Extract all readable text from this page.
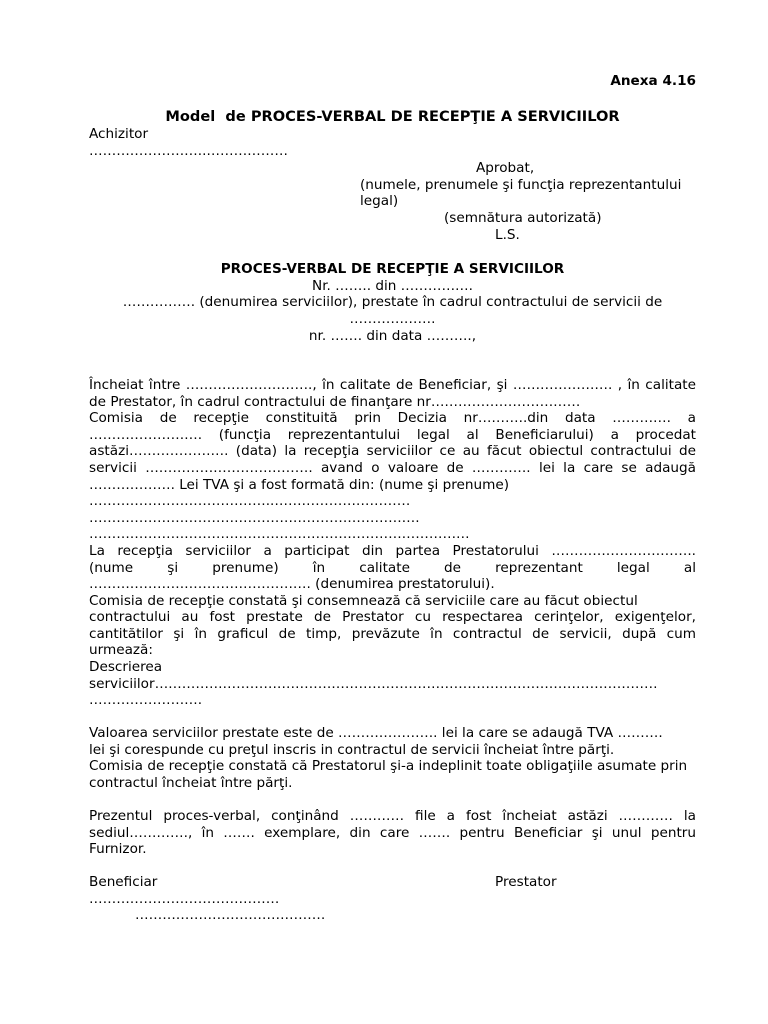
Anexa 4.16
Model de PROCES-VERBAL DE RECEPŢIE A SERVICIILOR
Achizitor
……………………..………………
Aprobat,
(numele, prenumele şi funcţia reprezentantului
legal)
(semnătura autorizată)
L.S.
PROCES-VERBAL DE RECEPŢIE A SERVICIILOR
Nr. …….. din …………….
……………. (denumirea serviciilor), prestate în cadrul contractului de servicii de
……………….
nr. ……. din data ……….,
Încheiat între ………………………., în calitate de Beneficiar, şi …………………. , în calitate
de Prestator, în cadrul contractului de finanţare nr……………………………
Comisia de recepţie constituită prin Decizia nr………..din data …………. a
……………………. (funcţia reprezentantului legal al Beneficiarului) a procedat
astăzi…………………. (data) la recepţia serviciilor ce au făcut obiectul contractului de
servicii ………………………………. avand o valoare de …………. lei la care se adaugă
………………. Lei TVA şi a fost formată din: (nume şi prenume)
…………………………………..…………………………
……………………………………………………………….
…………………………………………………………………………
La recepţia serviciilor a participat din partea Prestatorului …………………………..
(nume şi prenume) în calitate de reprezentant legal al
…………………………………………. (denumirea prestatorului).
Comisia de recepţie constată şi consemnează că serviciile care au făcut obiectul
contractului au fost prestate de Prestator cu respectarea cerinţelor, exigenţelor,
cantitătilor şi în graficul de timp, prevăzute în contractul de servicii, după cum
urmează:
Descrierea
serviciilor…………………………………………………………………………………………………
…………………….
Valoarea serviciilor prestate este de …………………. lei la care se adaugă TVA ……….
lei şi corespunde cu preţul inscris in contractul de servicii încheiat între părţi.
Comisia de recepţie constată că Prestatorul şi-a indeplinit toate obligaţiile asumate prin
contractul încheiat între părţi.
Prezentul proces-verbal, conţinând ………… file a fost încheiat astăzi ………… la
sediul…………., în ……. exemplare, din care ……. pentru Beneficiar şi unul pentru
Furnizor.
Beneficiar	Prestator
……………………………………
……………………………………
